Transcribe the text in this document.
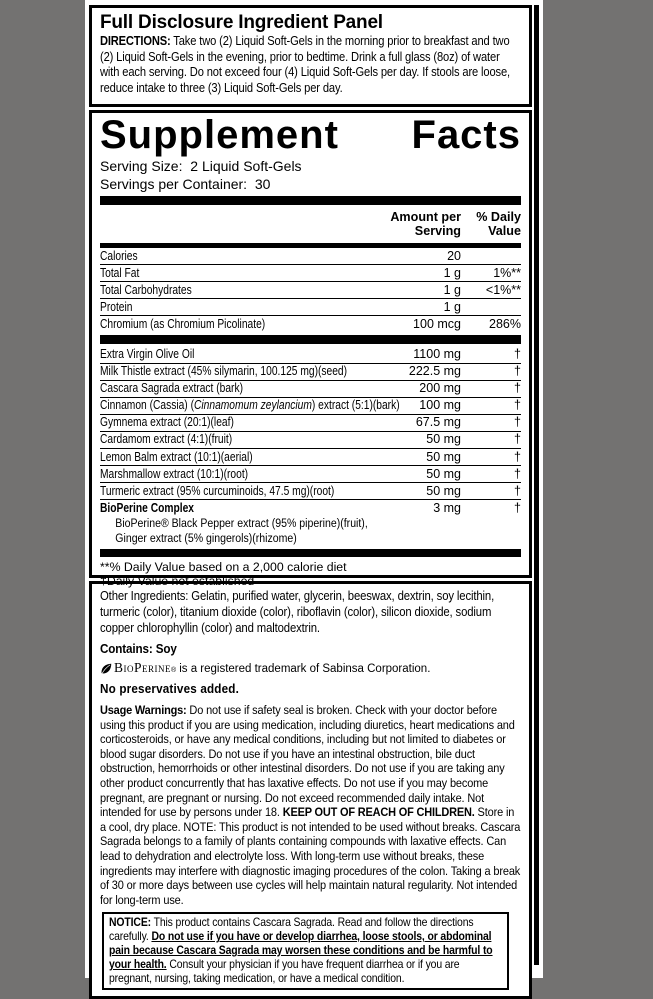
Full Disclosure Ingredient Panel

DIRECTIONS: Take two (2) Liquid Soft-Gels in the morning prior to breakfast and two (2) Liquid Soft-Gels in the evening, prior to bedtime. Drink a full glass (8oz) of water with each serving. Do not exceed four (4) Liquid Soft-Gels per day. If stools are loose, reduce intake to three (3) Liquid Soft-Gels per day.

Supplement Facts
Serving Size: 2 Liquid Soft-Gels
Servings per Container: 30
Amount per
Serving
% Daily
Value
Calories	20
Total Fat	1 g	1%**
Total Carbohydrates	1 g	<1%**
Protein	1 g
Chromium (as Chromium Picolinate)	100 mcg	286%
Extra Virgin Olive Oil	1100 mg	†
Milk Thistle extract (45% silymarin, 100.125 mg)(seed)	222.5 mg	†
Cascara Sagrada extract (bark)	200 mg	†
Cinnamon (Cassia) (Cinnamomum zeylancium) extract (5:1)(bark)	100 mg	†
Gymnema extract (20:1)(leaf)	67.5 mg	†
Cardamom extract (4:1)(fruit)	50 mg	†
Lemon Balm extract (10:1)(aerial)	50 mg	†
Marshmallow extract (10:1)(root)	50 mg	†
Turmeric extract (95% curcuminoids, 47.5 mg)(root)	50 mg	†
BioPerine Complex	3 mg	†
BioPerine® Black Pepper extract (95% piperine)(fruit),
Ginger extract (5% gingerols)(rhizome)
**% Daily Value based on a 2,000 calorie diet
†Daily Value not established

Other Ingredients: Gelatin, purified water, glycerin, beeswax, dextrin, soy lecithin, turmeric (color), titanium dioxide (color), riboflavin (color), silicon dioxide, sodium copper chlorophyllin (color) and maltodextrin.

Contains: Soy

BioPerine$_®$ is a registered trademark of Sabinsa Corporation.

No preservatives added.

Usage Warnings: Do not use if safety seal is broken. Check with your doctor before using this product if you are using medication, including diuretics, heart medications and corticosteroids, or have any medical conditions, including but not limited to diabetes or blood sugar disorders. Do not use if you have an intestinal obstruction, bile duct obstruction, hemorrhoids or other intestinal disorders. Do not use if you are taking any other product concurrently that has laxative effects. Do not use if you may become pregnant, are pregnant or nursing. Do not exceed recommended daily intake. Not intended for use by persons under 18. KEEP OUT OF REACH OF CHILDREN. Store in a cool, dry place. NOTE: This product is not intended to be used without breaks. Cascara Sagrada belongs to a family of plants containing compounds with laxative effects. Can lead to dehydration and electrolyte loss. With long-term use without breaks, these ingredients may interfere with diagnostic imaging procedures of the colon. Taking a break of 30 or more days between use cycles will help maintain natural regularity. Not intended for long-term use.

NOTICE: This product contains Cascara Sagrada. Read and follow the directions carefully. Do not use if you have or develop diarrhea, loose stools, or abdominal pain because Cascara Sagrada may worsen these conditions and be harmful to your health. Consult your physician if you have frequent diarrhea or if you are pregnant, nursing, taking medication, or have a medical condition.
